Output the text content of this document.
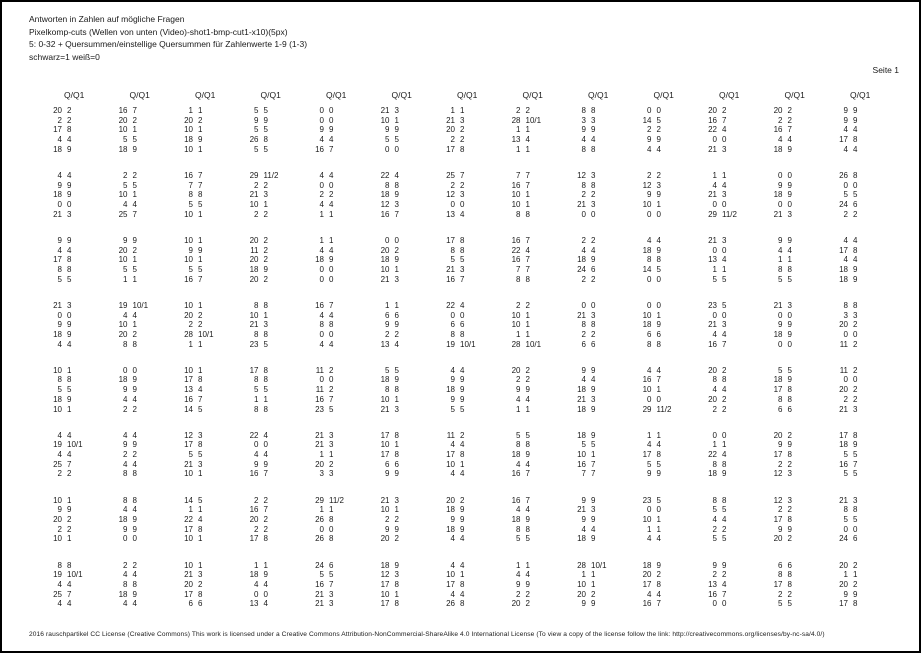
Antworten in Zahlen auf mögliche Fragen
Pixelkomp-cuts (Wellen von unten (Video)-shot1-bmp-cut1-x10)(5px)
5: 0-32 + Quersummen/einstellige Quersummen für Zahlenwerte 1-9 (1-3)
schwarz=1 weiß=0
Seite 1
Q/Q1	Q/Q1	Q/Q1	Q/Q1	Q/Q1	Q/Q1	Q/Q1	Q/Q1	Q/Q1	Q/Q1	Q/Q1	Q/Q1	Q/Q1
20 2	16 7	1 1	5 5	0 0	21 3	1 1	2 2	8 8	0 0	20 2	20 2	9 9
2 2	20 2	20 2	9 9	0 0	10 1	21 3	28 10/1	3 3	14 5	16 7	2 2	9 9
17 8	10 1	10 1	5 5	9 9	9 9	20 2	1 1	9 9	2 2	22 4	16 7	4 4
4 4	5 5	18 9	26 8	4 4	5 5	2 2	13 4	4 4	9 9	0 0	4 4	17 8
18 9	18 9	10 1	5 5	16 7	0 0	17 8	1 1	8 8	4 4	21 3	18 9	4 4
4 4	2 2	16 7	29 11/2	4 4	22 4	25 7	7 7	12 3	2 2	1 1	0 0	26 8
9 9	5 5	7 7	2 2	0 0	8 8	2 2	16 7	8 8	12 3	4 4	9 9	0 0
18 9	10 1	8 8	21 3	2 2	18 9	12 3	10 1	2 2	9 9	21 3	18 9	5 5
0 0	4 4	5 5	10 1	4 4	12 3	0 0	10 1	21 3	10 1	0 0	0 0	24 6
21 3	25 7	10 1	2 2	1 1	16 7	13 4	8 8	0 0	0 0	29 11/2	21 3	2 2
9 9	9 9	10 1	20 2	1 1	0 0	17 8	16 7	2 2	4 4	21 3	9 9	4 4
4 4	20 2	9 9	11 2	4 4	20 2	8 8	22 4	4 4	18 9	0 0	4 4	17 8
17 8	10 1	10 1	20 2	18 9	18 9	5 5	16 7	18 9	8 8	13 4	1 1	4 4
8 8	5 5	5 5	18 9	0 0	10 1	21 3	7 7	24 6	14 5	1 1	8 8	18 9
5 5	1 1	16 7	20 2	0 0	21 3	16 7	8 8	2 2	0 0	5 5	5 5	18 9
21 3	19 10/1	10 1	8 8	16 7	1 1	22 4	2 2	0 0	0 0	23 5	21 3	8 8
0 0	4 4	20 2	10 1	4 4	6 6	0 0	10 1	21 3	10 1	0 0	0 0	3 3
9 9	10 1	2 2	21 3	8 8	9 9	6 6	10 1	8 8	18 9	21 3	9 9	20 2
18 9	20 2	28 10/1	8 8	0 0	2 2	8 8	1 1	2 2	6 6	4 4	18 9	0 0
4 4	8 8	1 1	23 5	4 4	13 4	19 10/1	28 10/1	6 6	8 8	16 7	0 0	11 2
10 1	0 0	10 1	17 8	11 2	5 5	4 4	20 2	9 9	4 4	20 2	5 5	11 2
8 8	18 9	17 8	8 8	0 0	18 9	9 9	2 2	4 4	16 7	8 8	18 9	0 0
5 5	9 9	13 4	5 5	11 2	8 8	18 9	9 9	18 9	10 1	4 4	17 8	20 2
18 9	4 4	16 7	1 1	16 7	10 1	9 9	4 4	21 3	0 0	20 2	8 8	2 2
10 1	2 2	14 5	8 8	23 5	21 3	5 5	1 1	18 9	29 11/2	2 2	6 6	21 3
4 4	4 4	12 3	22 4	21 3	17 8	11 2	5 5	18 9	1 1	0 0	20 2	17 8
19 10/1	9 9	17 8	0 0	21 3	10 1	4 4	8 8	5 5	4 4	1 1	9 9	18 9
4 4	2 2	5 5	4 4	1 1	17 8	17 8	18 9	10 1	17 8	22 4	17 8	5 5
25 7	4 4	21 3	9 9	20 2	6 6	10 1	4 4	16 7	5 5	8 8	2 2	16 7
2 2	8 8	10 1	16 7	3 3	9 9	4 4	16 7	7 7	9 9	18 9	12 3	5 5
10 1	8 8	14 5	2 2	29 11/2	21 3	20 2	16 7	9 9	23 5	8 8	12 3	21 3
9 9	4 4	1 1	16 7	1 1	10 1	18 9	4 4	21 3	0 0	5 5	2 2	8 8
20 2	18 9	22 4	20 2	26 8	2 2	9 9	18 9	9 9	10 1	4 4	17 8	5 5
2 2	9 9	17 8	2 2	0 0	9 9	18 9	8 8	4 4	1 1	2 2	9 9	0 0
10 1	0 0	10 1	17 8	26 8	20 2	4 4	5 5	18 9	4 4	5 5	20 2	24 6
8 8	2 2	10 1	1 1	24 6	18 9	4 4	1 1	28 10/1	18 9	9 9	6 6	20 2
19 10/1	4 4	21 3	18 9	5 5	12 3	10 1	4 4	1 1	20 2	2 2	8 8	1 1
4 4	8 8	20 2	4 4	16 7	17 8	17 8	9 9	10 1	17 8	13 4	17 8	20 2
25 7	18 9	17 8	0 0	21 3	10 1	4 4	2 2	20 2	4 4	16 7	2 2	9 9
4 4	4 4	6 6	13 4	21 3	17 8	26 8	20 2	9 9	16 7	0 0	5 5	17 8
2016 rauschpartikel CC License (Creative Commons) This work is licensed under a Creative Commons Attribution-NonCommercial-ShareAlike 4.0 International License (To view a copy of the license follow the link: http://creativecommons.org/licenses/by-nc-sa/4.0/)
